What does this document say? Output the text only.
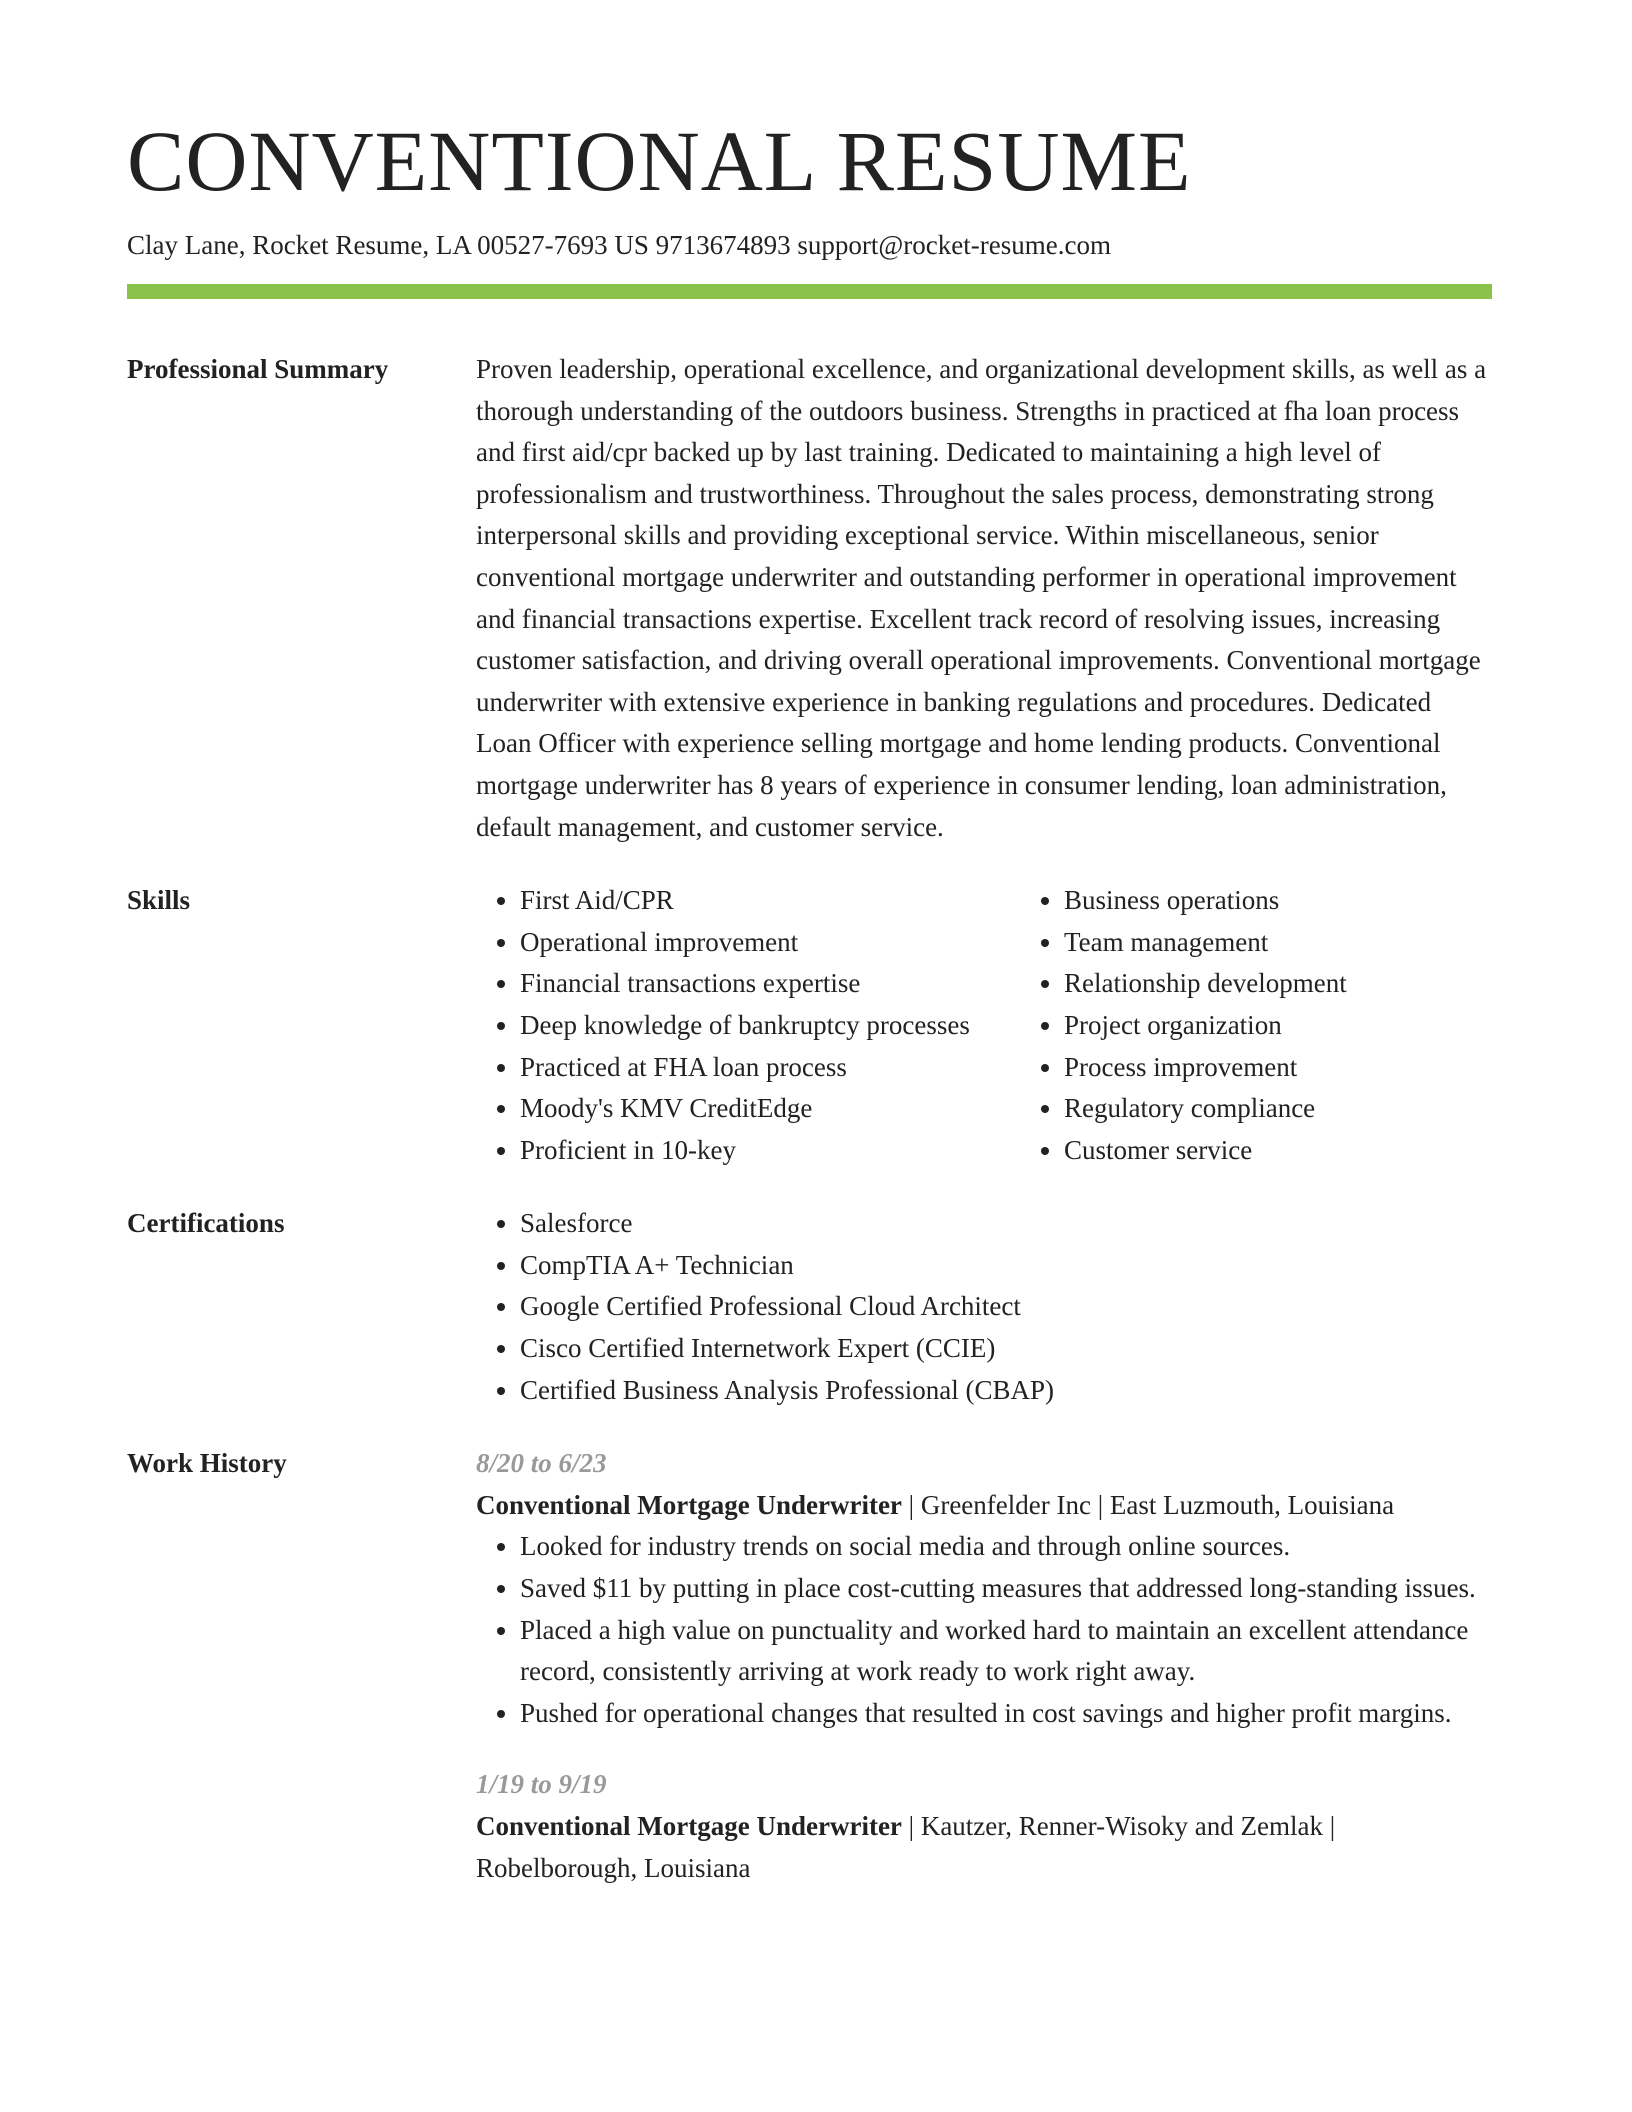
CONVENTIONAL RESUME
Clay Lane, Rocket Resume, LA 00527-7693 US 9713674893 support@rocket-resume.com
Professional Summary	Proven leadership, operational excellence, and organizational development skills, as well as a thorough understanding of the outdoors business. Strengths in practiced at fha loan process and first aid/cpr backed up by last training. Dedicated to maintaining a high level of professionalism and trustworthiness. Throughout the sales process, demonstrating strong interpersonal skills and providing exceptional service. Within miscellaneous, senior conventional mortgage underwriter and outstanding performer in operational improvement and financial transactions expertise. Excellent track record of resolving issues, increasing customer satisfaction, and driving overall operational improvements. Conventional mortgage underwriter with extensive experience in banking regulations and procedures. Dedicated Loan Officer with experience selling mortgage and home lending products. Conventional mortgage underwriter has 8 years of experience in consumer lending, loan administration, default management, and customer service.

Skills	• First Aid/CPR
• Operational improvement
• Financial transactions expertise
• Deep knowledge of bankruptcy processes
• Practiced at FHA loan process
• Moody's KMV CreditEdge
• Proficient in 10-key
• Business operations
• Team management
• Relationship development
• Project organization
• Process improvement
• Regulatory compliance
• Customer service
Certifications	• Salesforce
• CompTIA A+ Technician
• Google Certified Professional Cloud Architect
• Cisco Certified Internetwork Expert (CCIE)
• Certified Business Analysis Professional (CBAP)
Work History	8/20 to 6/23
Conventional Mortgage Underwriter | Greenfelder Inc | East Luzmouth, Louisiana
• Looked for industry trends on social media and through online sources.
• Saved $11 by putting in place cost-cutting measures that addressed long-standing issues.
• Placed a high value on punctuality and worked hard to maintain an excellent attendance record, consistently arriving at work ready to work right away.
• Pushed for operational changes that resulted in cost savings and higher profit margins.
1/19 to 9/19
Conventional Mortgage Underwriter | Kautzer, Renner-Wisoky and Zemlak | Robelborough, Louisiana
